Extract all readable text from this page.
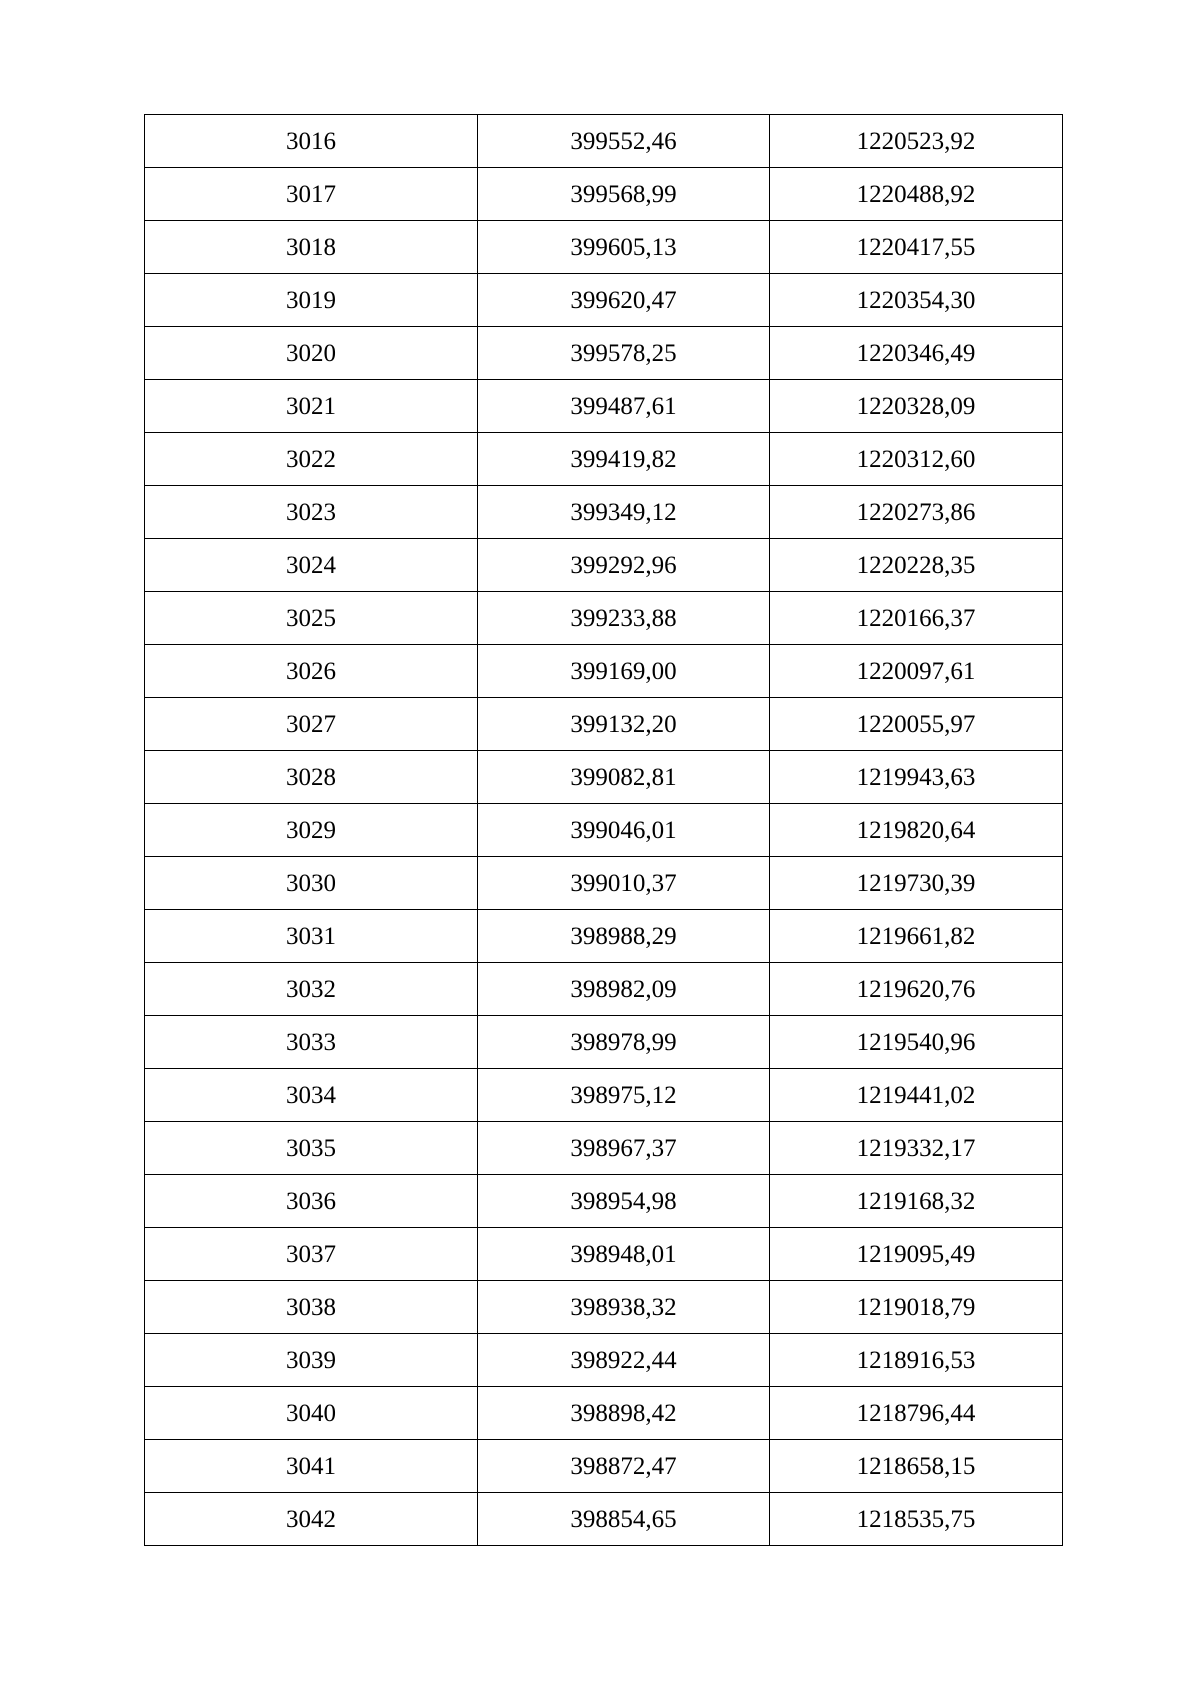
3016	399552,46	1220523,92
3017	399568,99	1220488,92
3018	399605,13	1220417,55
3019	399620,47	1220354,30
3020	399578,25	1220346,49
3021	399487,61	1220328,09
3022	399419,82	1220312,60
3023	399349,12	1220273,86
3024	399292,96	1220228,35
3025	399233,88	1220166,37
3026	399169,00	1220097,61
3027	399132,20	1220055,97
3028	399082,81	1219943,63
3029	399046,01	1219820,64
3030	399010,37	1219730,39
3031	398988,29	1219661,82
3032	398982,09	1219620,76
3033	398978,99	1219540,96
3034	398975,12	1219441,02
3035	398967,37	1219332,17
3036	398954,98	1219168,32
3037	398948,01	1219095,49
3038	398938,32	1219018,79
3039	398922,44	1218916,53
3040	398898,42	1218796,44
3041	398872,47	1218658,15
3042	398854,65	1218535,75
